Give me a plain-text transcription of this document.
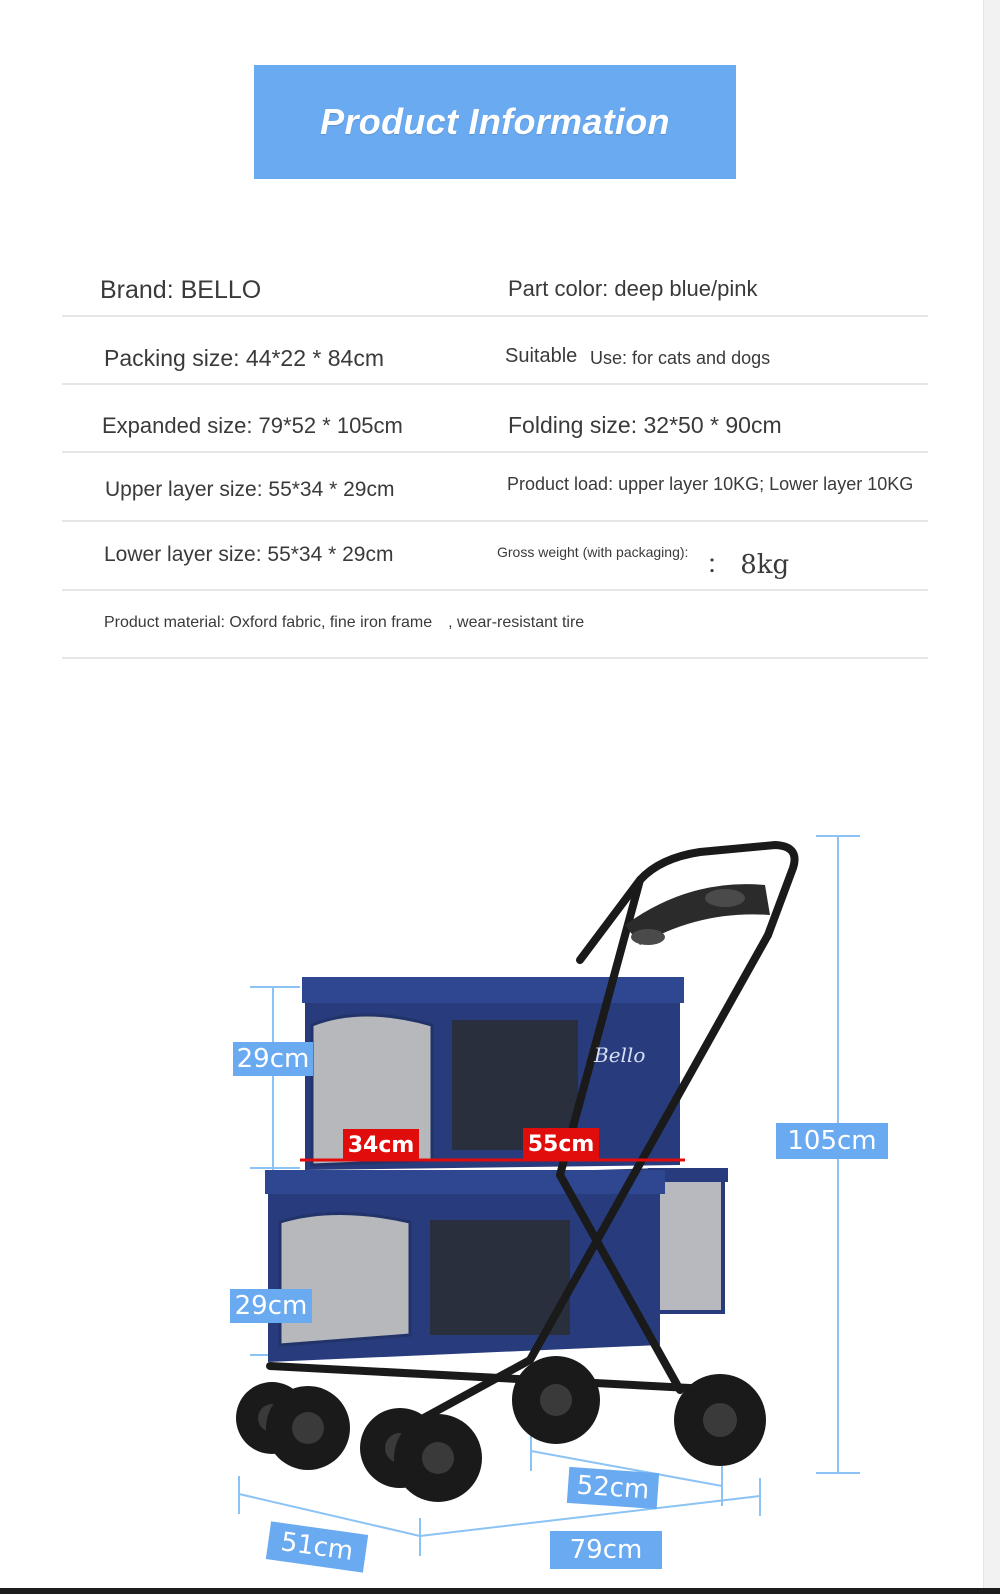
Product Information
Brand: BELLO	Part color: deep blue/pink
Packing size: 44*22 * 84cm	Suitable Use: for cats and dogs
Expanded size: 79*52 * 105cm	Folding size: 32*50 * 90cm
Upper layer size: 55*34 * 29cm	Product load: upper layer 10KG; Lower layer 10KG
Lower layer size: 55*34 * 29cm	Gross weight (with packaging): ： 8kg
Product material: Oxford fabric, fine iron frame　, wear-resistant tire
Bello
29cm
34cm	55cm	105cm
29cm
52cm
51cm	79cm
